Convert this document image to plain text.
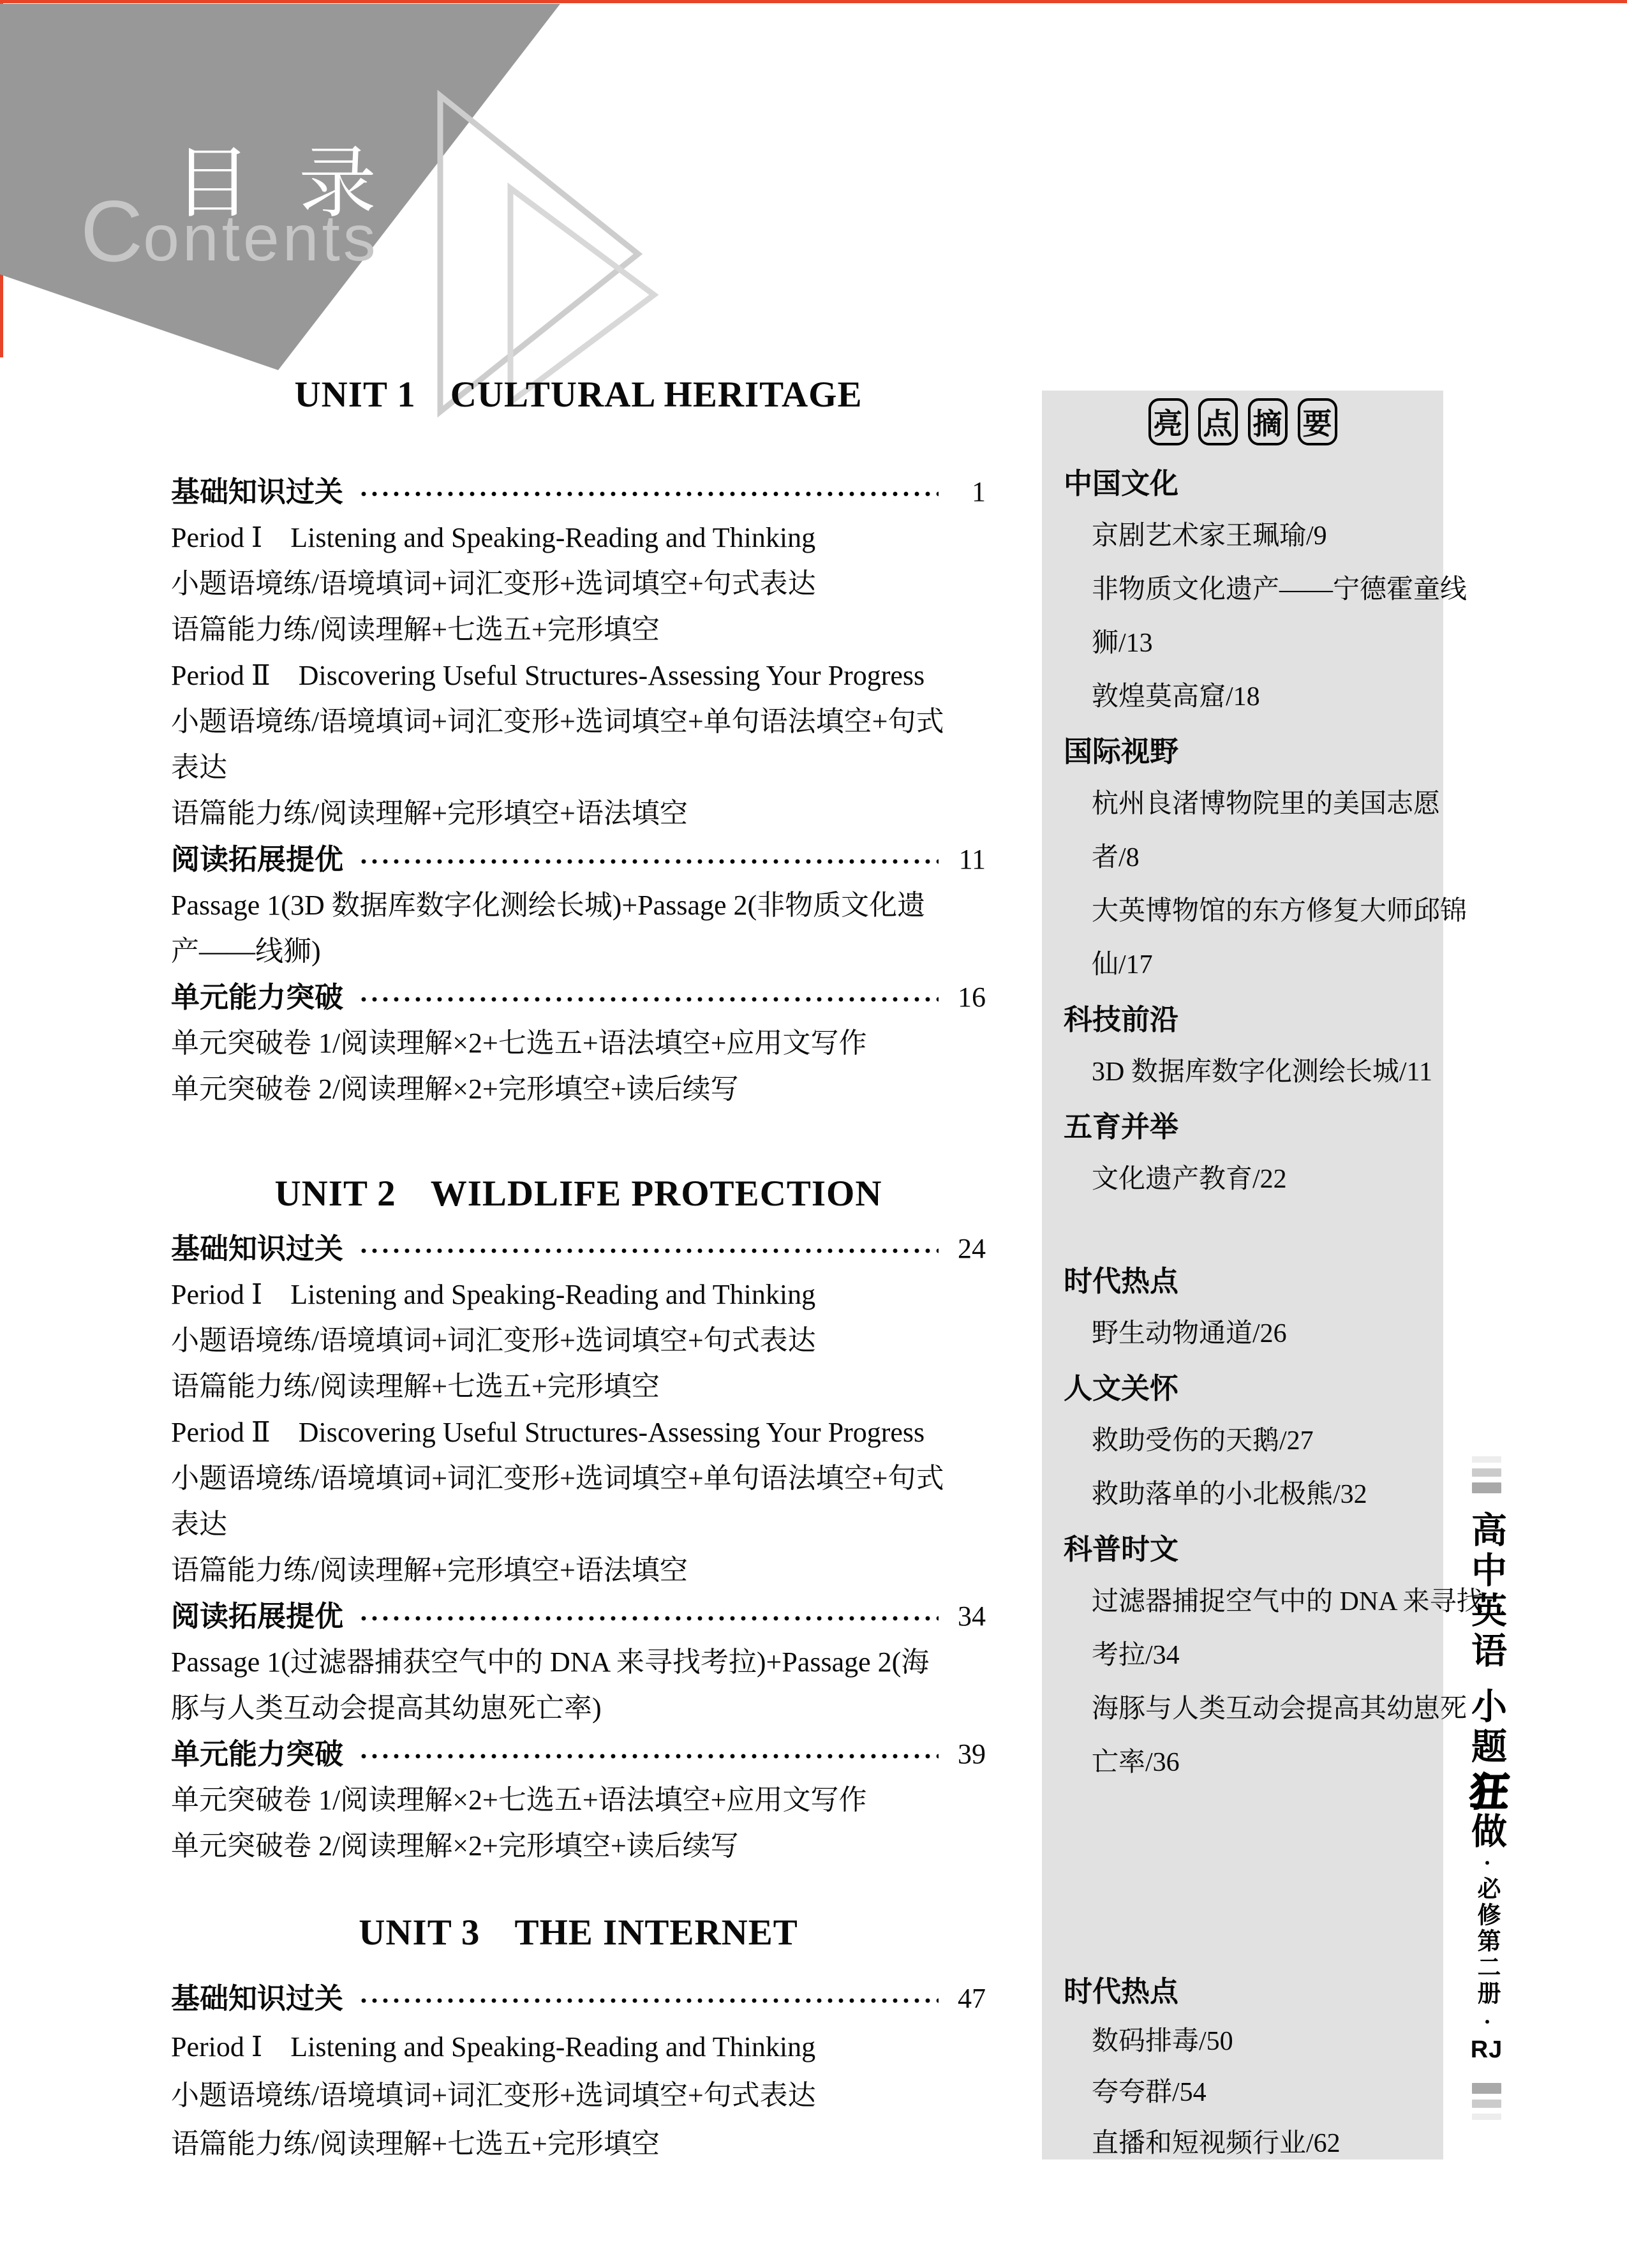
目 录
C ontents
UNIT 1 CULTURAL HERITAGE
基础知识过关	1
Period Ⅰ　Listening and Speaking-Reading and Thinking
小题语境练/语境填词+词汇变形+选词填空+句式表达
语篇能力练/阅读理解+七选五+完形填空
Period Ⅱ　Discovering Useful Structures-Assessing Your Progress
小题语境练/语境填词+词汇变形+选词填空+单句语法填空+句式
表达
语篇能力练/阅读理解+完形填空+语法填空
阅读拓展提优	11
Passage 1(3D 数据库数字化测绘长城)+Passage 2(非物质文化遗
产——线狮)
单元能力突破	16
单元突破卷 1/阅读理解×2+七选五+语法填空+应用文写作
单元突破卷 2/阅读理解×2+完形填空+读后续写
UNIT 2 WILDLIFE PROTECTION
基础知识过关	24
Period Ⅰ　Listening and Speaking-Reading and Thinking
小题语境练/语境填词+词汇变形+选词填空+句式表达
语篇能力练/阅读理解+七选五+完形填空
Period Ⅱ　Discovering Useful Structures-Assessing Your Progress
小题语境练/语境填词+词汇变形+选词填空+单句语法填空+句式
表达
语篇能力练/阅读理解+完形填空+语法填空
阅读拓展提优	34
Passage 1(过滤器捕获空气中的 DNA 来寻找考拉)+Passage 2(海
豚与人类互动会提高其幼崽死亡率)
单元能力突破	39
单元突破卷 1/阅读理解×2+七选五+语法填空+应用文写作
单元突破卷 2/阅读理解×2+完形填空+读后续写
UNIT 3 THE INTERNET
基础知识过关	47
Period Ⅰ　Listening and Speaking-Reading and Thinking
小题语境练/语境填词+词汇变形+选词填空+句式表达
语篇能力练/阅读理解+七选五+完形填空
亮 点 摘 要
中国文化
京剧艺术家王珮瑜/9
非物质文化遗产——宁德霍童线
狮/13
敦煌莫高窟/18
国际视野
杭州良渚博物院里的美国志愿
者/8
大英博物馆的东方修复大师邱锦
仙/17
科技前沿
3D 数据库数字化测绘长城/11
五育并举
文化遗产教育/22
时代热点
野生动物通道/26
人文关怀
救助受伤的天鹅/27
救助落单的小北极熊/32
科普时文
过滤器捕捉空气中的 DNA 来寻找
考拉/34
海豚与人类互动会提高其幼崽死
亡率/36
时代热点
数码排毒/50
夸夸群/54
直播和短视频行业/62
高中英语
小题
狂
做
・
必修第二册
・
RJ
